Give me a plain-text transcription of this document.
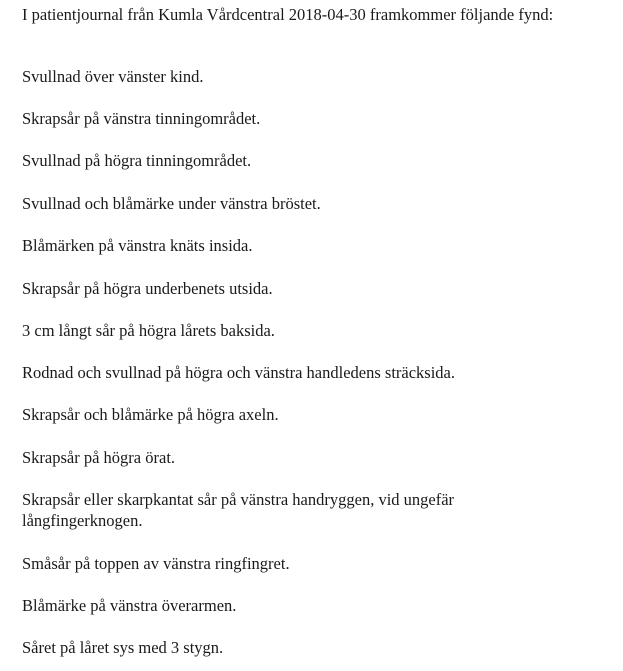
I patientjournal från Kumla Vårdcentral 2018-04-30 framkommer följande fynd:

Svullnad över vänster kind.

Skrapsår på vänstra tinningområdet.

Svullnad på högra tinningområdet.

Svullnad och blåmärke under vänstra bröstet.

Blåmärken på vänstra knäts insida.

Skrapsår på högra underbenets utsida.

3 cm långt sår på högra lårets baksida.

Rodnad och svullnad på högra och vänstra handledens sträcksida.

Skrapsår och blåmärke på högra axeln.

Skrapsår på högra örat.

Skrapsår eller skarpkantat sår på vänstra handryggen, vid ungefär långfingerknogen.

Småsår på toppen av vänstra ringfingret.

Blåmärke på vänstra överarmen.

Såret på låret sys med 3 stygn.
